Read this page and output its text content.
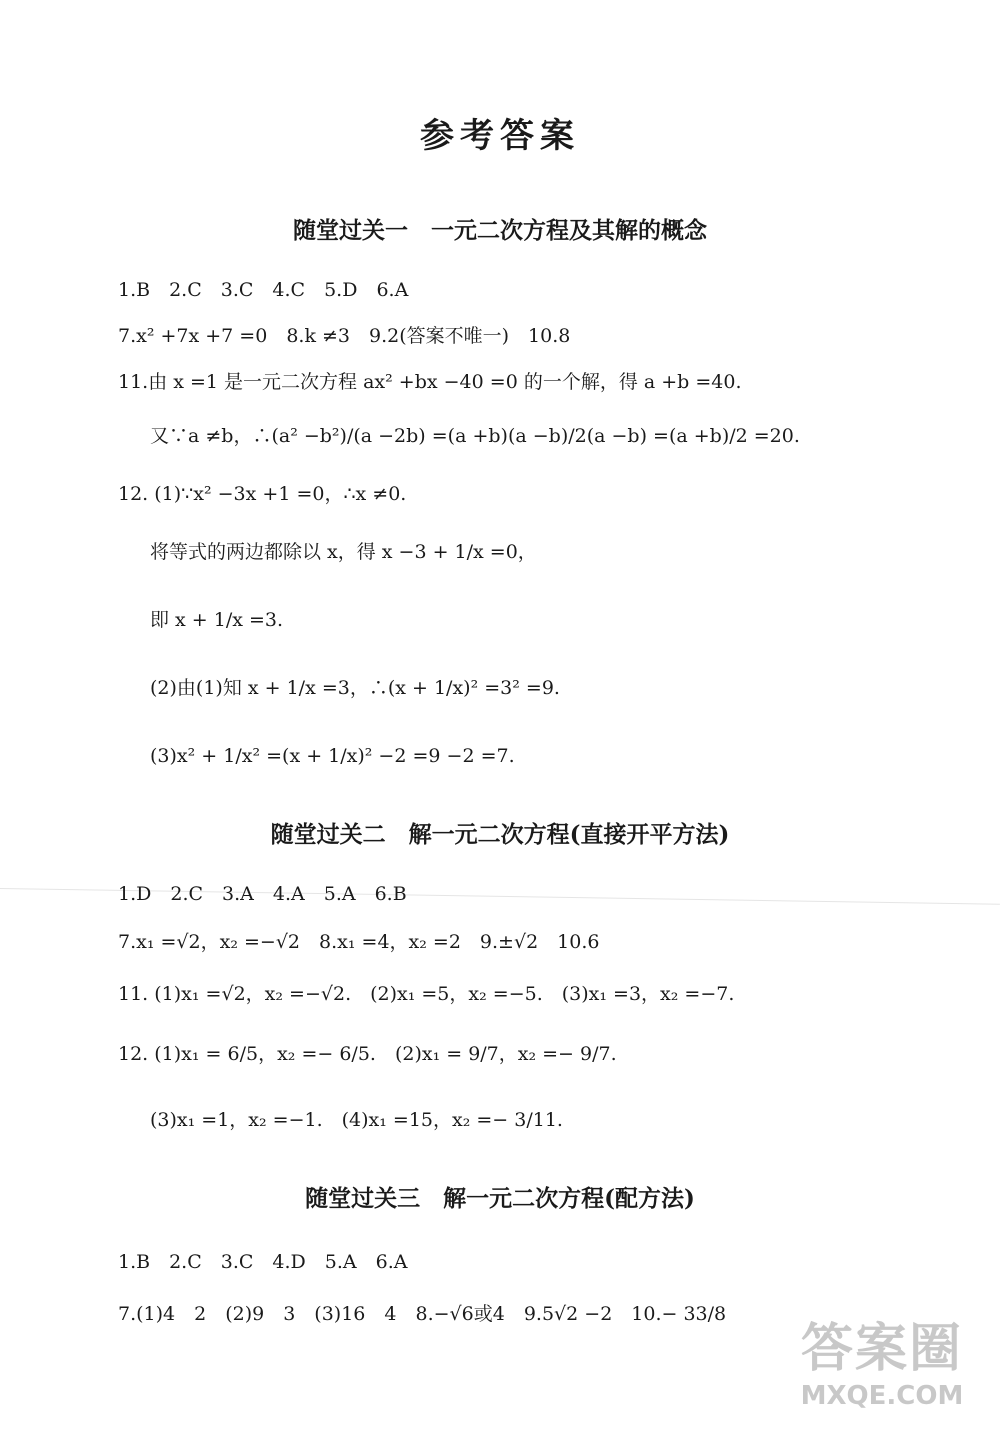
参考答案
随堂过关一　一元二次方程及其解的概念
1.B　2.C　3.C　4.C　5.D　6.A
7.x² +7x +7 =0　8.k ≠3　9.2(答案不唯一)　10.8
11.由 x =1 是一元二次方程 ax² +bx −40 =0 的一个解，得 a +b =40.
又∵a ≠b，∴(a² −b²)/(a −2b) =(a +b)(a −b)/2(a −b) =(a +b)/2 =20.
12. (1)∵x² −3x +1 =0，∴x ≠0.
将等式的两边都除以 x，得 x −3 + 1/x =0，
即 x + 1/x =3.
(2)由(1)知 x + 1/x =3，∴(x + 1/x)² =3² =9.
(3)x² + 1/x² =(x + 1/x)² −2 =9 −2 =7.
随堂过关二　解一元二次方程(直接开平方法)
1.D　2.C　3.A　4.A　5.A　6.B
7.x₁ =√2，x₂ =−√2　8.x₁ =4，x₂ =2　9.±√2　10.6
11. (1)x₁ =√2，x₂ =−√2.　(2)x₁ =5，x₂ =−5.　(3)x₁ =3，x₂ =−7.
12. (1)x₁ = 6/5，x₂ =− 6/5.　(2)x₁ = 9/7，x₂ =− 9/7.
(3)x₁ =1，x₂ =−1.　(4)x₁ =15，x₂ =− 3/11.
随堂过关三　解一元二次方程(配方法)
1.B　2.C　3.C　4.D　5.A　6.A
7.(1)4　2　(2)9　3　(3)16　4　8.−√6或4　9.5√2 −2　10.− 33/8
答案圈
MXQE.COM
